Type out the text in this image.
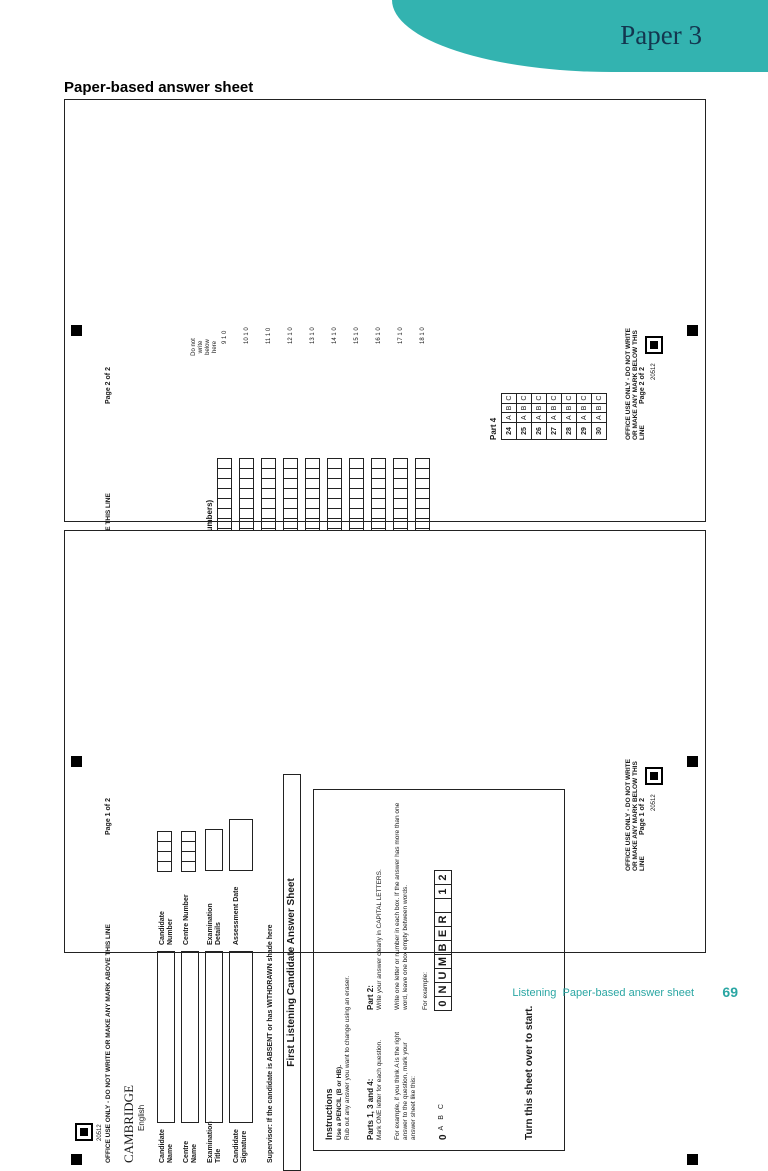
Paper 3
Paper-based answer sheet
Page 2 of 2

Do not write below here
9 1 0	10 1 0	11 1 0	12 1 0	13 1 0	14 1 0	15 1 0	16 1 0	17 1 0	18 1 0

Part 4 24	A	B	C
25	A	B	C
26	A	B	C
27	A	B	C
28	A	B	C
29	A	B	C
30	A	B	C	OFFICE USE ONLY - DO NOT WRITE OR MAKE ANY MARK BELOW THIS LINE
Page 2 of 2 20512
20512 OFFICE USE ONLY - DO NOT WRITE OR MAKE ANY MARK ABOVE THIS LINE
Page 1 of 2
CAMBRIDGE English
Candidate Name Centre Name Examination Title Candidate Signature
Candidate Number Centre Number Examination Details Assessment Date
Supervisor: If the candidate is ABSENT or has WITHDRAWN shade here	First Listening Candidate Answer Sheet
Instructions Use a PENCIL (B or HB). Rub out any answer you want to change using an eraser. Parts 1, 3 and 4: Mark ONE letter for each question. For example, if you think A is the right answer to the question, mark your answer sheet like this:
Part 2: Write your answer clearly in CAPITAL LETTERS. Write one letter or number in each box. If the answer has more than one word, leave one box empty between words. For example: 0
N
U
M
B
E
R
1
2
0
A
B
C	Turn this sheet over to start.
OFFICE USE ONLY - DO NOT WRITE OR MAKE ANY MARK BELOW THIS LINE
Page 1 of 2 20512
Listening Paper-based answer sheet 69
